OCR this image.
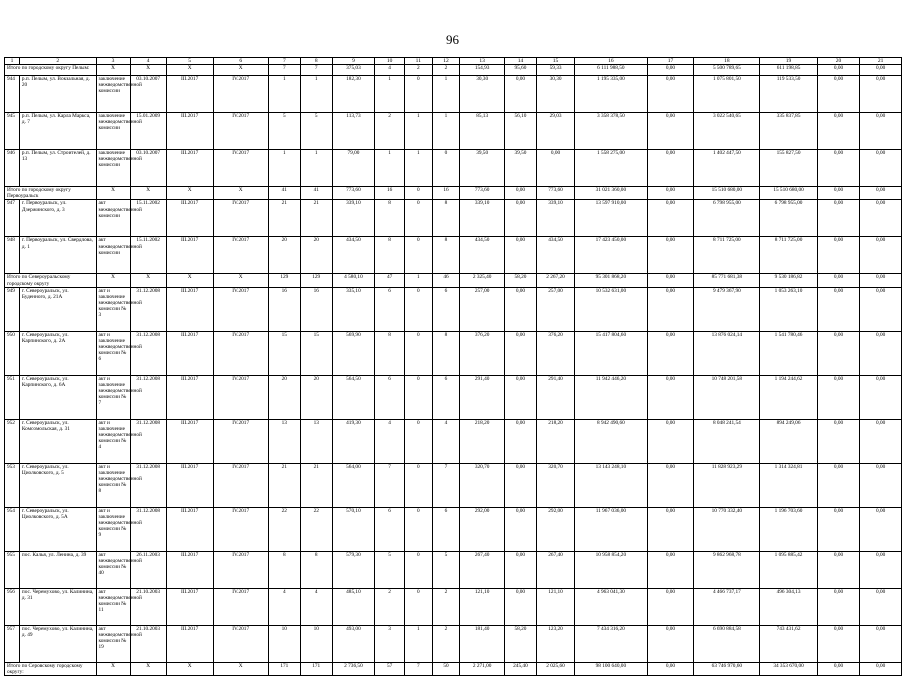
96
1	2	3	4	5	6	7	8	9	10	11	12	13	14	15	16	17	18	19	20	21
Итого по городскому округу Пелым:		X	X	X	X	7	7	375,03	4	2	2	154,93	95,60	59,33	6 111 988,50	0,00	5 500 789,65	611 198,85	0,00	0,00
944	р.п. Пелым, ул. Вокзальная, д. 20	заключение межведомственной комиссии	03.10.2007	III.2017	IV.2017	1	1	182,30	1	0	1	30,30	0,00	30,30	1 195 335,00	0,00	1 075 801,50	119 533,50	0,00	0,00
945	р.п. Пелым, ул. Карла Маркса, д. 7	заключение межведомственной комиссии	15.01.2009	III.2017	IV.2017	5	5	113,73	2	1	1	85,13	56,10	29,03	3 358 378,50	0,00	3 022 540,65	335 837,85	0,00	0,00
946	р.п. Пелым, ул. Строителей, д. 13	заключение межведомственной комиссии	03.10.2007	III.2017	IV.2017	1	1	79,00	1	1	0	39,50	39,50	0,00	1 558 275,00	0,00	1 402 447,50	155 827,50	0,00	0,00
Итого по городскому округу Первоуральск		X	X	X	X	41	41	773,60	16	0	16	773,60	0,00	773,60	31 021 360,00	0,00	15 510 680,00	15 510 680,00	0,00	0,00
947	г. Первоуральск, ул. Дзержинского, д. 3	акт межведомственной комиссии	15.11.2002	III.2017	IV.2017	21	21	339,10	8	0	8	339,10	0,00	339,10	13 597 910,00	0,00	6 798 955,00	6 798 955,00	0,00	0,00
948	г. Первоуральск, ул. Свердлова, д. 1	акт межведомственной комиссии	15.11.2002	III.2017	IV.2017	20	20	434,50	8	0	8	434,50	0,00	434,50	17 423 450,00	0,00	8 711 725,00	8 711 725,00	0,00	0,00
Итого по Североуральскому городскому округу		X	X	X	X	129	129	4 580,10	47	1	46	2 325,40	58,20	2 267,20	95 301 868,20	0,00	85 771 681,38	9 530 186,82	0,00	0,00
949	г. Североуральск, ул. Буденного, д. 21А	акт и заключение межведомственной комиссии № 3	31.12.2008	III.2017	IV.2017	16	16	335,10	6	0	6	257,00	0,00	257,00	10 532 631,00	0,00	9 479 367,90	1 053 263,10	0,00	0,00
950	г. Североуральск, ул. Карпинского, д. 2А	акт и заключение межведомственной комиссии № 6	31.12.2008	III.2017	IV.2017	15	15	569,90	8	0	8	376,20	0,00	376,20	15 417 804,60	0,00	13 876 024,14	1 541 780,46	0,00	0,00
951	г. Североуральск, ул. Карпинского, д. 6А	акт и заключение межведомственной комиссии № 7	31.12.2008	III.2017	IV.2017	20	20	564,50	6	0	6	291,40	0,00	291,40	11 942 446,20	0,00	10 748 201,58	1 194 244,62	0,00	0,00
952	г. Североуральск, ул. Комсомольская, д. 31	акт и заключение межведомственной комиссии № 4	31.12.2008	III.2017	IV.2017	13	13	419,30	4	0	4	218,20	0,00	218,20	8 942 490,60	0,00	8 048 241,54	894 249,06	0,00	0,00
953	г. Североуральск, ул. Циолковского, д. 5	акт и заключение межведомственной комиссии № 8	31.12.2008	III.2017	IV.2017	21	21	564,00	7	0	7	320,70	0,00	320,70	13 143 248,10	0,00	11 828 923,29	1 314 324,81	0,00	0,00
954	г. Североуральск, ул. Циолковского, д. 5А	акт и заключение межведомственной комиссии № 9	31.12.2008	III.2017	IV.2017	22	22	570,10	6	0	6	292,00	0,00	292,00	11 967 036,00	0,00	10 770 332,40	1 196 703,60	0,00	0,00
955	пос. Калья, ул. Ленина, д. 39	акт межведомственной комиссии № 40	26.11.2003	III.2017	IV.2017	8	8	579,30	5	0	5	267,40	0,00	267,40	10 958 854,20	0,00	9 862 968,78	1 095 885,42	0,00	0,00
956	пос. Черемухово, ул. Калинина, д. 31	акт межведомственной комиссии № 11	21.10.2003	III.2017	IV.2017	4	4	485,10	2	0	2	121,10	0,00	121,10	4 963 041,30	0,00	4 466 737,17	496 304,13	0,00	0,00
957	пос. Черемухово, ул. Калинина, д. 49	акт межведомственной комиссии № 19	21.10.2003	III.2017	IV.2017	10	10	493,00	3	1	2	181,40	58,20	123,20	7 434 316,20	0,00	6 690 884,58	743 431,62	0,00	0,00
Итого по Серовскому городскому округу:		X	X	X	X	171	171	2 736,50	57	7	50	2 271,00	245,40	2 025,60	98 100 640,00	0,00	63 746 970,60	34 353 670,00	0,00	0,00
